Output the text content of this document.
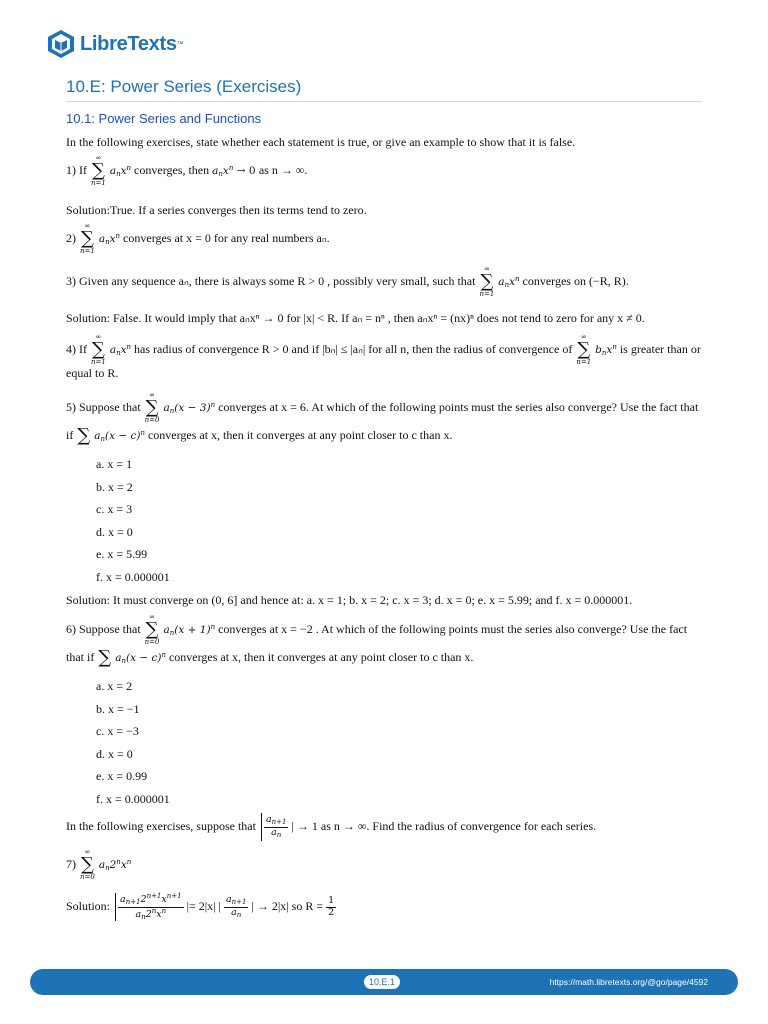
LibreTexts ™
10.E: Power Series (Exercises)
10.1: Power Series and Functions

In the following exercises, state whether each statement is true, or give an example to show that it is false.

1) If
∞
∑
n=1
$a_nx^n$ converges, then $a_nx^n \to 0$ as n → ∞.

Solution:True. If a series converges then its terms tend to zero.

2)
∞
∑
n=1
$a_nx^n$ converges at x = 0 for any real numbers aₙ.

3) Given any sequence aₙ, there is always some R > 0 , possibly very small, such that
∞
∑
n=1
$a_nx^n$ converges on (−R, R).

Solution: False. It would imply that aₙxⁿ → 0 for |x| < R. If aₙ = nⁿ , then aₙxⁿ = (nx)ⁿ does not tend to zero for any x ≠ 0.

4) If
∞
∑
n=1
$a_nx^n$ has radius of convergence R > 0 and if |bₙ| ≤ |aₙ| for all n, then the radius of convergence of
∞
∑
n=1
$b_nx^n$ is greater than or equal to R.

5) Suppose that
∞
∑
n=0
$a_n(x - 3)^n$ converges at x = 6. At which of the following points must the series also converge? Use the fact that if ∑ $a_n(x - c)^n$ converges at x, then it converges at any point closer to c than x.

a. x = 1

b. x = 2

c. x = 3

d. x = 0

e. x = 5.99

f. x = 0.000001

Solution: It must converge on (0, 6] and hence at: a. x = 1; b. x = 2; c. x = 3; d. x = 0; e. x = 5.99; and f. x = 0.000001.

6) Suppose that
∞
∑
n=0
$a_n(x + 1)^n$ converges at x = −2 . At which of the following points must the series also converge? Use the fact that if ∑ $a_n(x - c)^n$ converges at x, then it converges at any point closer to c than x.

a. x = 2

b. x = −1

c. x = −3

d. x = 0

e. x = 0.99

f. x = 0.000001

In the following exercises, suppose that $\frac{a_{n+1}}{a_n}$ | → 1 as n → ∞. Find the radius of convergence for each series.

7)
∞
∑
n=0
$a_n2^nx^n$

Solution: $\frac{a_{n+1}2^{n+1}x^{n+1}}{a_n2^nx^n}$ |= 2|x| | $\frac{a_{n+1}}{a_n}$ | → 2|x| so $R = \frac{1}{2}$

10.E.1	https://math.libretexts.org/@go/page/4592
